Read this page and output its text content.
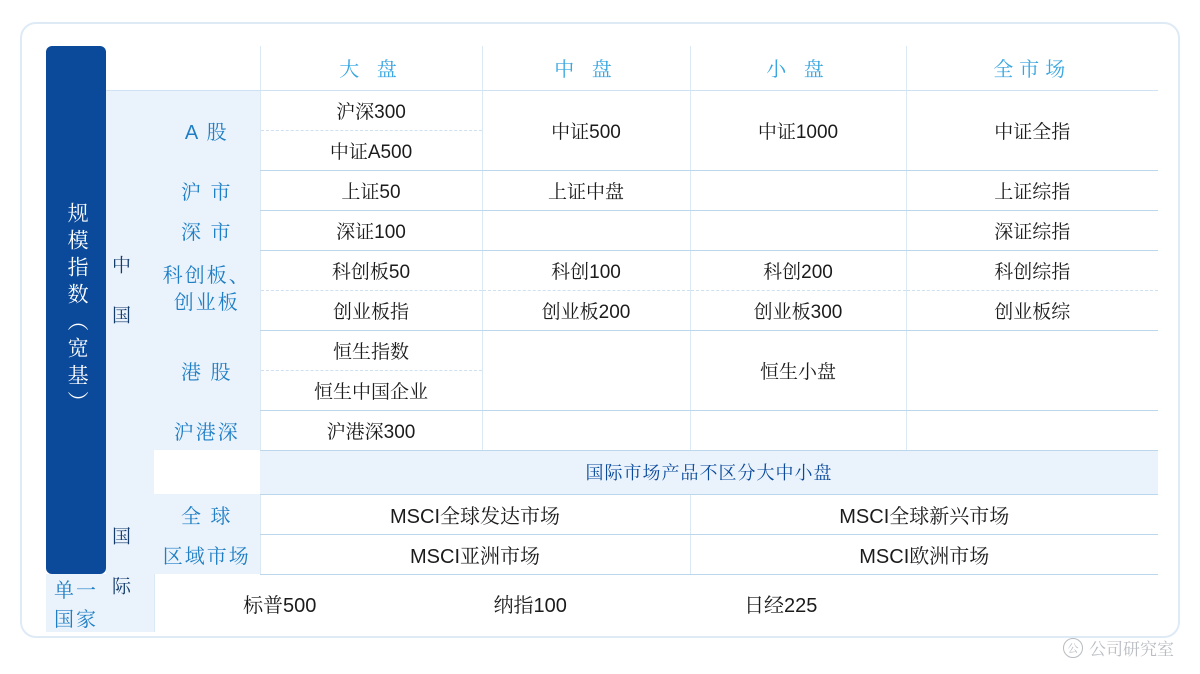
规模指数（宽基）			大 盘	中 盘	小 盘	全市场

	中 国	A 股	沪深300	中证500	中证1000	中证全指
			中证A500			
		沪 市	上证50	上证中盘		上证综指
		深 市	深证100			深证综指
		科创板、创业板	科创板50	科创100	科创200	科创综指
			创业板指	创业板200	创业板300	创业板综
		港 股	恒生指数		恒生小盘	
			恒生中国企业			
		沪港深	沪港深300			
			国际市场产品不区分大中小盘			

	国 际	全 球	MSCI全球发达市场		MSCI全球新兴市场	
		区域市场	MSCI亚洲市场		MSCI欧洲市场	
单一国家		标普500 纳指100 日经225				
虎 老虎社区
公 公司研究室
